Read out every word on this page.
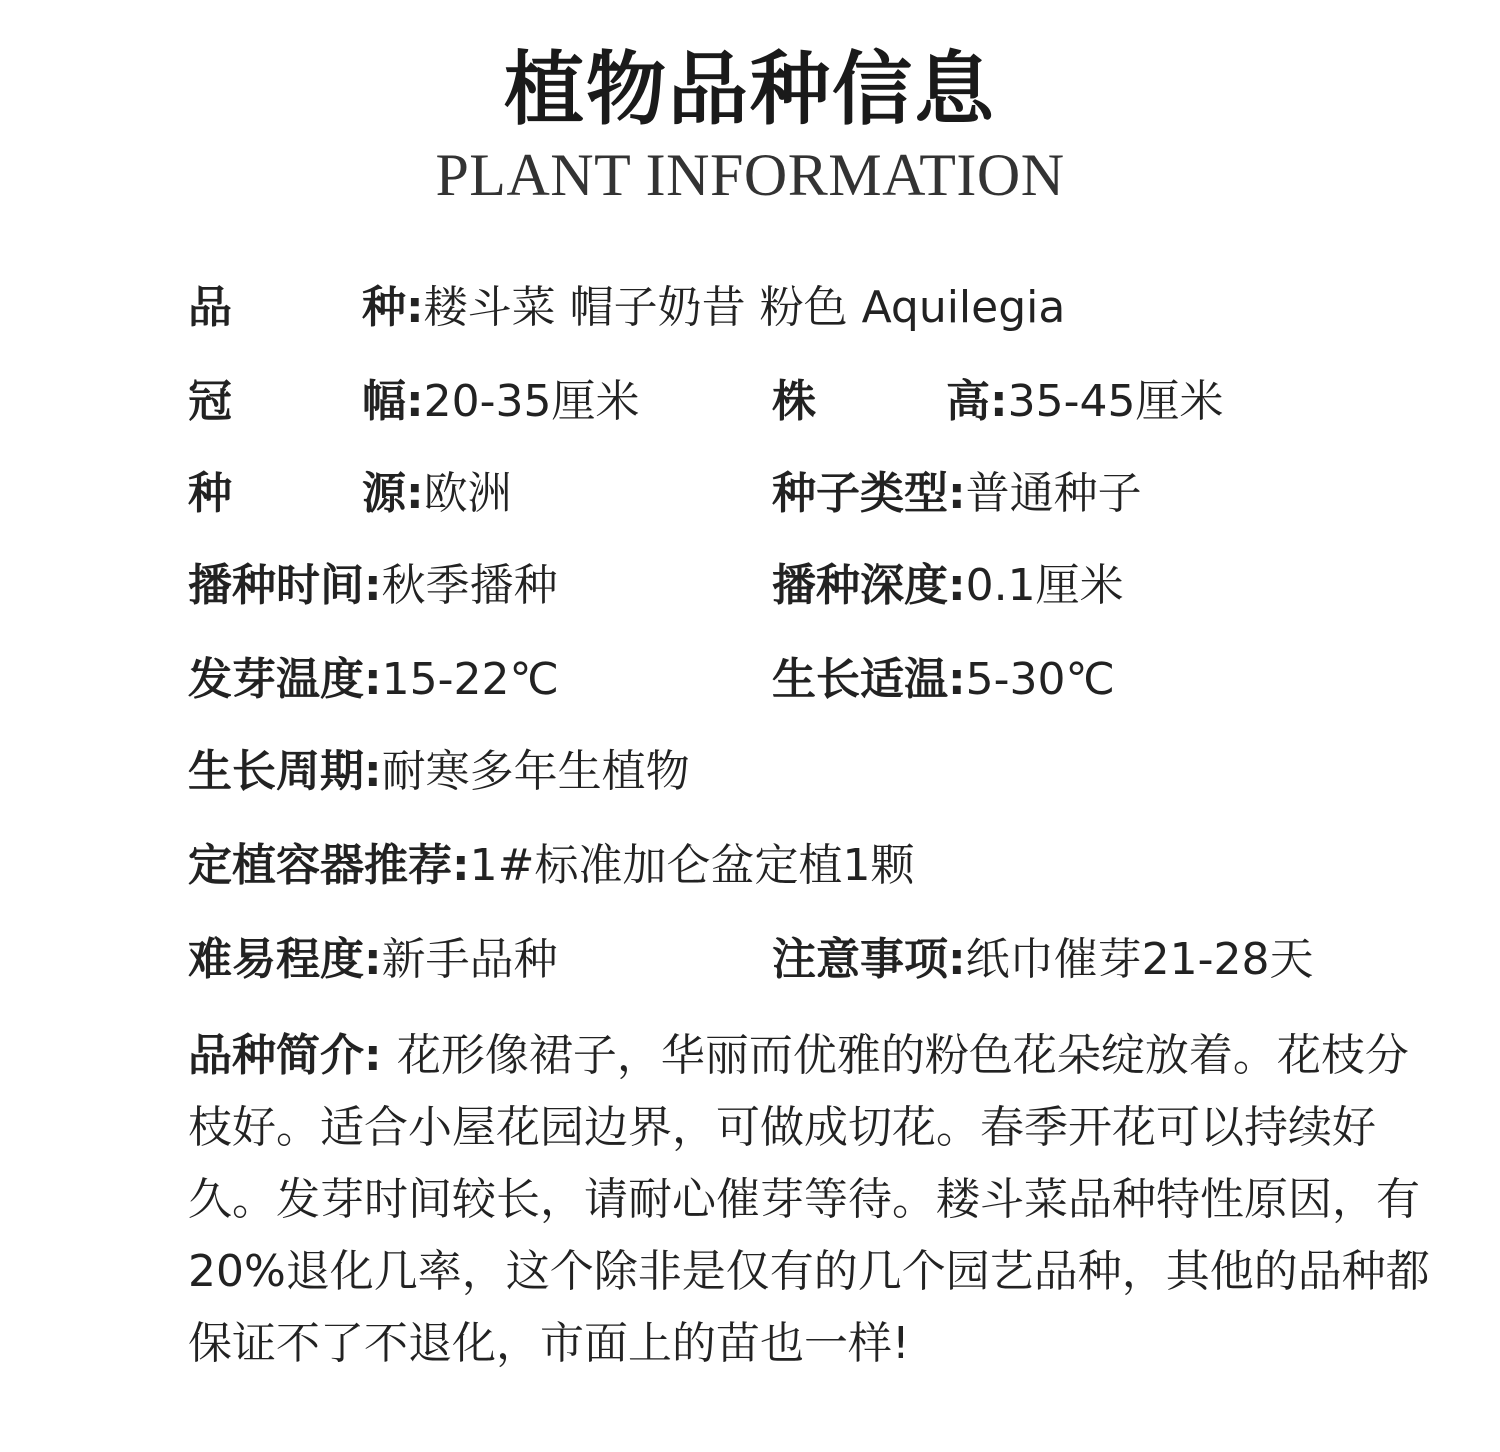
植物品种信息
PLANT INFORMATION
品	种 :耧斗菜 帽子奶昔 粉色 Aquilegia
冠	幅 :20-35厘米	株	高 :35-45厘米
种	源 :欧洲	种子类型:普通种子
播种时间:秋季播种	播种深度:0.1厘米
发芽温度:15-22℃	生长适温:5-30℃
生长周期:耐寒多年生植物
定植容器推荐:1#标准加仑盆定植1颗
难易程度:新手品种	注意事项:纸巾催芽21-28天
品种简介: 花形像裙子，华丽而优雅的粉色花朵绽放着。花枝分枝好。适合小屋花园边界，可做成切花。春季开花可以持续好久。发芽时间较长，请耐心催芽等待。耧斗菜品种特性原因，有20%退化几率，这个除非是仅有的几个园艺品种，其他的品种都保证不了不退化，市面上的苗也一样!
